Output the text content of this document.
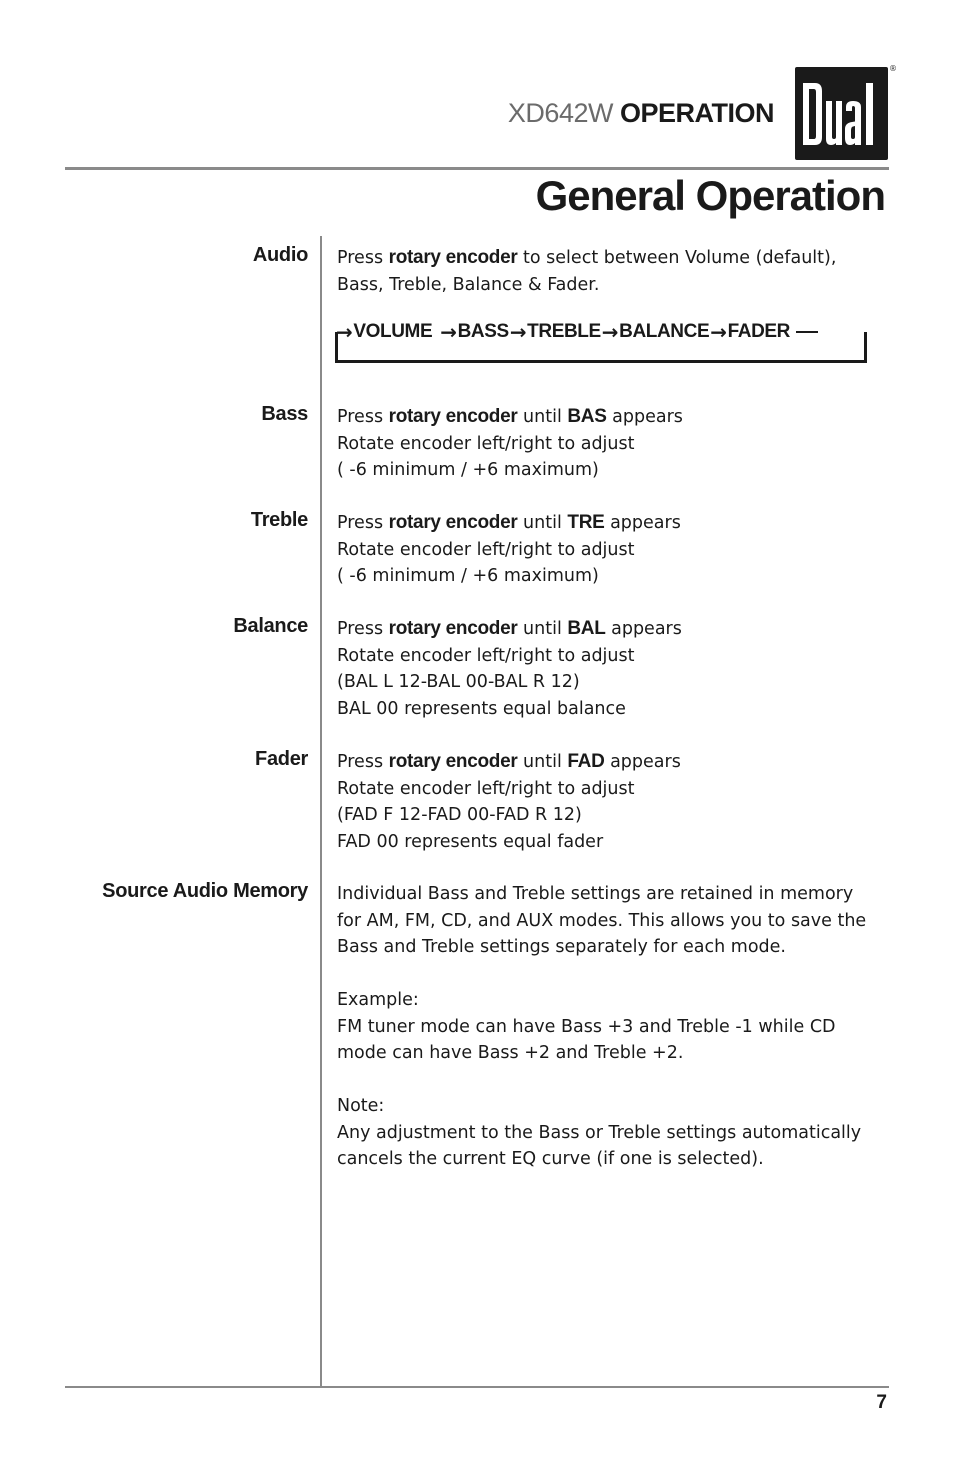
XD642W OPERATION
®
General Operation
Audio Press rotary encoder to select between Volume (default),

Bass, Treble, Balance & Fader.

→ VOLUME → BASS → TREBLE → BALANCE → FADER
Bass Press rotary encoder until BAS appears

Rotate encoder left/right to adjust

( -6 minimum / +6 maximum)

Treble Press rotary encoder until TRE appears

Rotate encoder left/right to adjust

( -6 minimum / +6 maximum)

Balance Press rotary encoder until BAL appears

Rotate encoder left/right to adjust

(BAL L 12-BAL 00-BAL R 12)

BAL 00 represents equal balance

Fader Press rotary encoder until FAD appears

Rotate encoder left/right to adjust

(FAD F 12-FAD 00-FAD R 12)

FAD 00 represents equal fader

Source Audio Memory Individual Bass and Treble settings are retained in memory

for AM, FM, CD, and AUX modes. This allows you to save the

Bass and Treble settings separately for each mode.

Example:

FM tuner mode can have Bass +3 and Treble -1 while CD

mode can have Bass +2 and Treble +2.

Note:

Any adjustment to the Bass or Treble settings automatically

cancels the current EQ curve (if one is selected).

7
